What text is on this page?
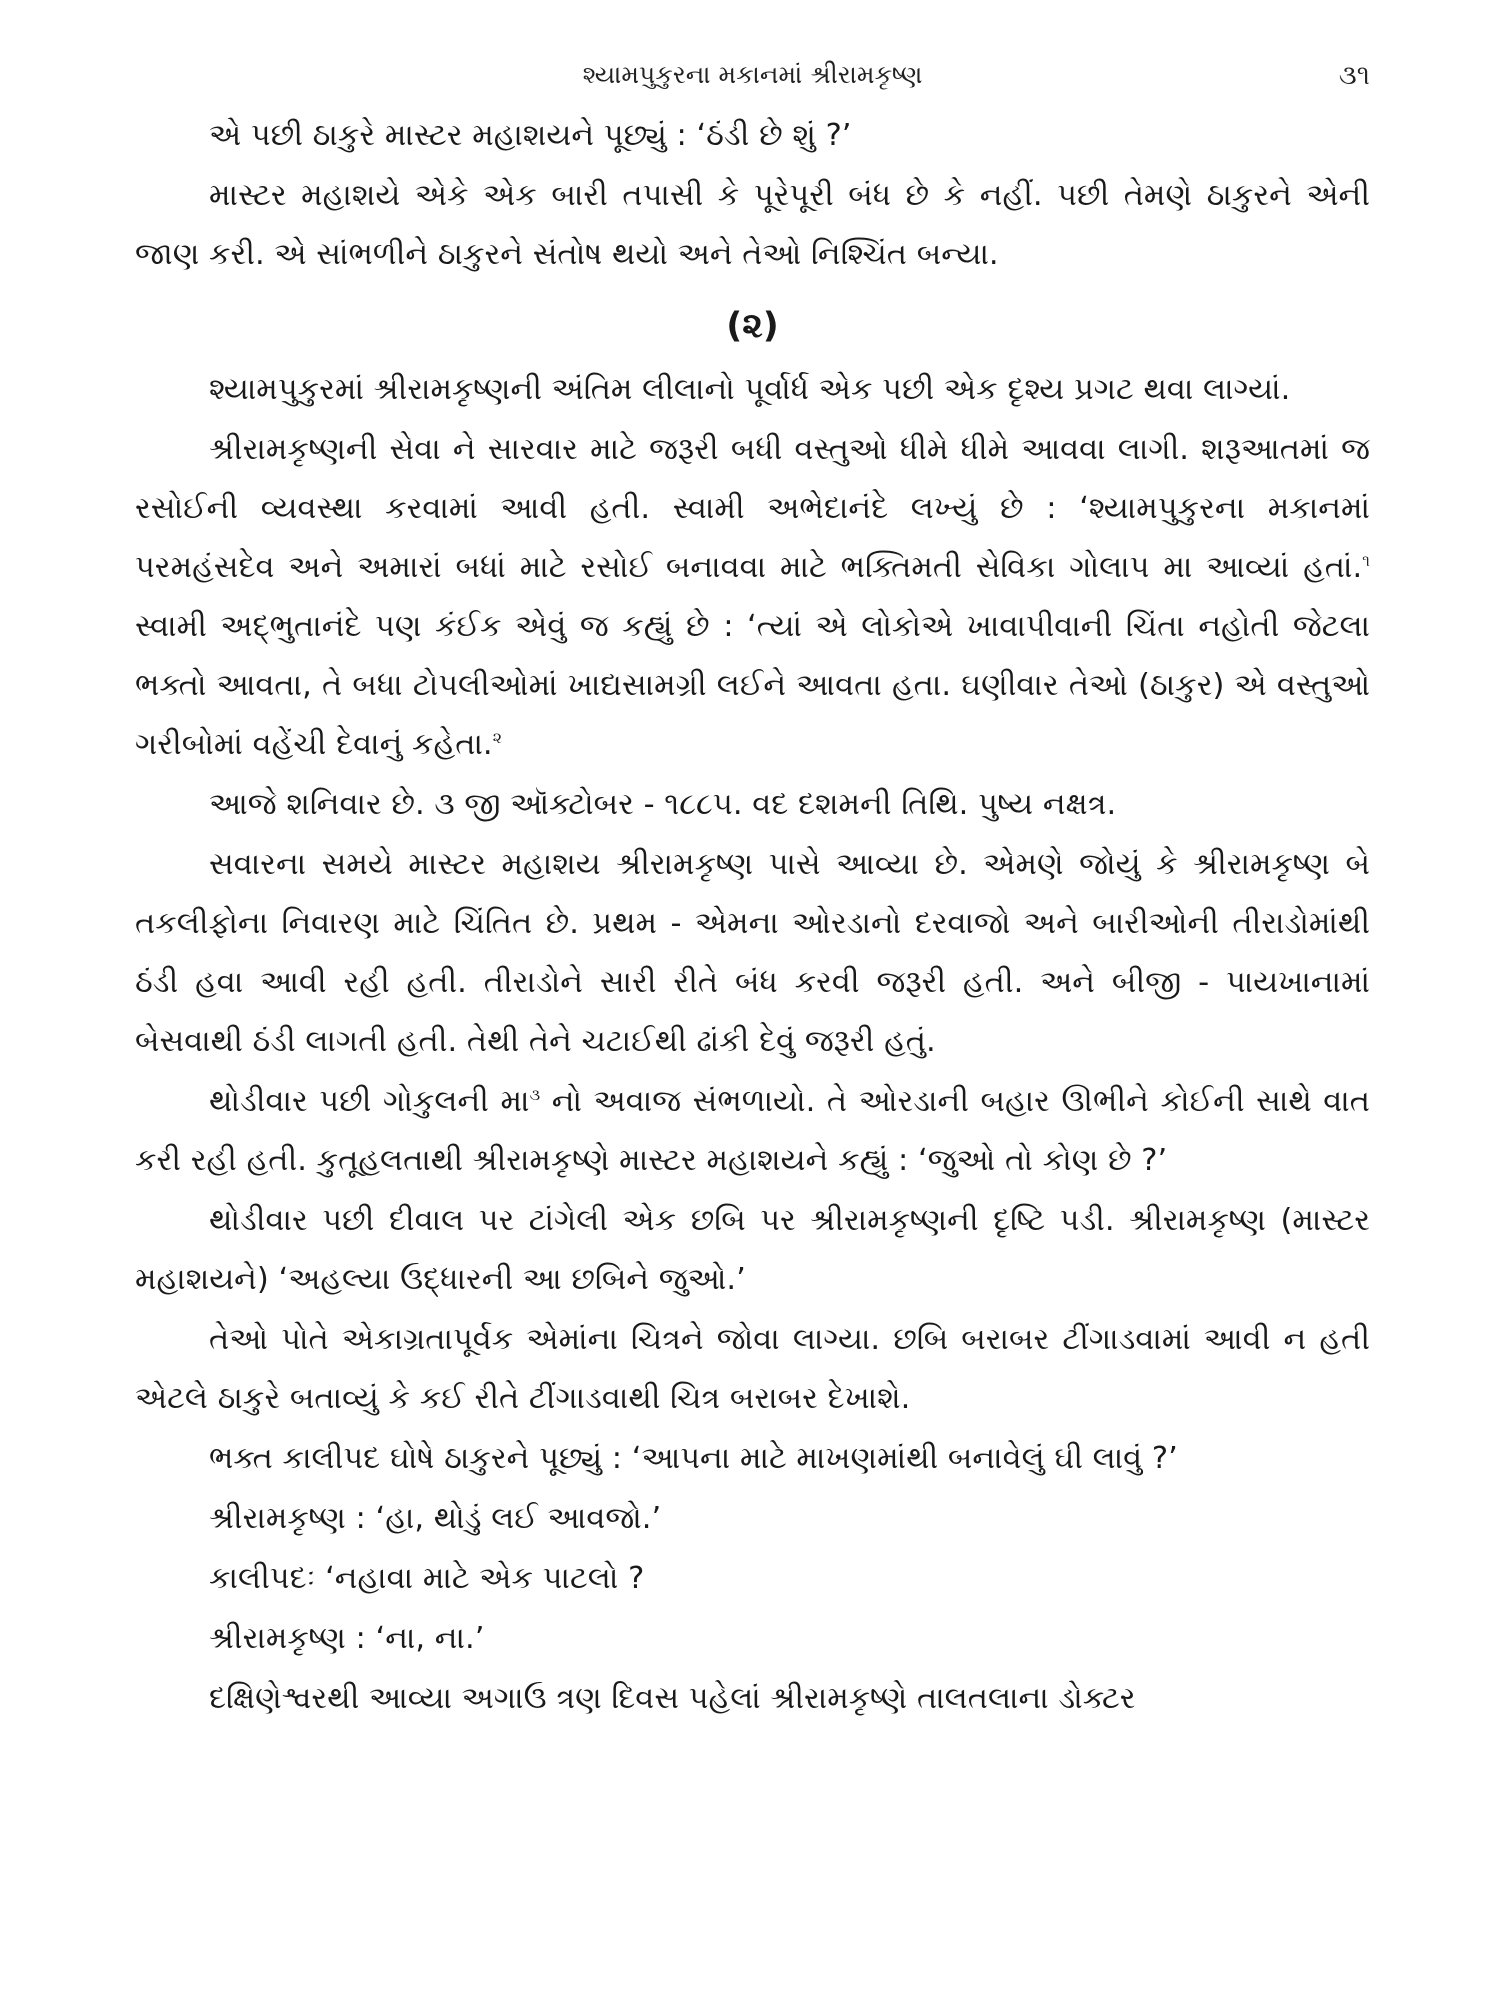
શ્યામપુકુરના મકાનમાં શ્રીરામકૃષ્ણ	૩૧

એ પછી ઠાકુરે માસ્ટર મહાશયને પૂછ્યું : ‘ઠંડી છે શું ?’

માસ્ટર મહાશયે એકે એક બારી તપાસી કે પૂરેપૂરી બંધ છે કે નહીં. પછી તેમણે ઠાકુરને એની જાણ કરી. એ સાંભળીને ઠાકુરને સંતોષ થયો અને તેઓ નિશ્ચિંત બન્યા.

(૨)

શ્યામપુકુરમાં શ્રીરામકૃષ્ણની અંતિમ લીલાનો પૂર્વાર્ધ એક પછી એક દૃશ્ય પ્રગટ થવા લાગ્યાં.

શ્રીરામકૃષ્ણની સેવા ને સારવાર માટે જરૂરી બધી વસ્તુઓ ધીમે ધીમે આવવા લાગી. શરૂઆતમાં જ રસોઈની વ્યવસ્થા કરવામાં આવી હતી. સ્વામી અભેદાનંદે લખ્યું છે : ‘શ્યામપુકુરના મકાનમાં પરમહંસદેવ અને અમારાં બધાં માટે રસોઈ બનાવવા માટે ભક્તિમતી સેવિકા ગોલાપ મા આવ્યાં હતાં.$^૧$ સ્વામી અદ્ભુતાનંદે પણ કંઈક એવું જ કહ્યું છે : ‘ત્યાં એ લોકોએ ખાવાપીવાની ચિંતા નહોતી જેટલા ભક્તો આવતા, તે બધા ટોપલીઓમાં ખાદ્યસામગ્રી લઈને આવતા હતા. ઘણીવાર તેઓ (ઠાકુર) એ વસ્તુઓ ગરીબોમાં વહેંચી દેવાનું કહેતા.$^૨$

આજે શનિવાર છે. ૩ જી ઑક્ટોબર - ૧૮૮૫. વદ દશમની તિથિ. પુષ્ય નક્ષત્ર.

સવારના સમયે માસ્ટર મહાશય શ્રીરામકૃષ્ણ પાસે આવ્યા છે. એમણે જોયું કે શ્રીરામકૃષ્ણ બે તકલીફોના નિવારણ માટે ચિંતિત છે. પ્રથમ - એમના ઓરડાનો દરવાજો અને બારીઓની તીરાડોમાંથી ઠંડી હવા આવી રહી હતી. તીરાડોને સારી રીતે બંધ કરવી જરૂરી હતી. અને બીજી - પાયખાનામાં બેસવાથી ઠંડી લાગતી હતી. તેથી તેને ચટાઈથી ઢાંકી દેવું જરૂરી હતું.

થોડીવાર પછી ગોકુલની મા$^૩$ નો અવાજ સંભળાયો. તે ઓરડાની બહાર ઊભીને કોઈની સાથે વાત કરી રહી હતી. કુતૂહલતાથી શ્રીરામકૃષ્ણે માસ્ટર મહાશયને કહ્યું : ‘જુઓ તો કોણ છે ?’

થોડીવાર પછી દીવાલ પર ટાંગેલી એક છબિ પર શ્રીરામકૃષ્ણની દૃષ્ટિ પડી. શ્રીરામકૃષ્ણ (માસ્ટર મહાશયને) ‘અહલ્યા ઉદ્ધારની આ છબિને જુઓ.’

તેઓ પોતે એકાગ્રતાપૂર્વક એમાંના ચિત્રને જોવા લાગ્યા. છબિ બરાબર ટીંગાડવામાં આવી ન હતી એટલે ઠાકુરે બતાવ્યું કે કઈ રીતે ટીંગાડવાથી ચિત્ર બરાબર દેખાશે.

ભક્ત કાલીપદ ઘોષે ઠાકુરને પૂછ્યું : ‘આપના માટે માખણમાંથી બનાવેલું ઘી લાવું ?’

શ્રીરામકૃષ્ણ : ‘હા, થોડું લઈ આવજો.’

કાલીપદઃ ‘નહાવા માટે એક પાટલો ?

શ્રીરામકૃષ્ણ : ‘ના, ના.’

દક્ષિણેશ્વરથી આવ્યા અગાઉ ત્રણ દિવસ પહેલાં શ્રીરામકૃષ્ણે તાલતલાના ડોક્ટર
